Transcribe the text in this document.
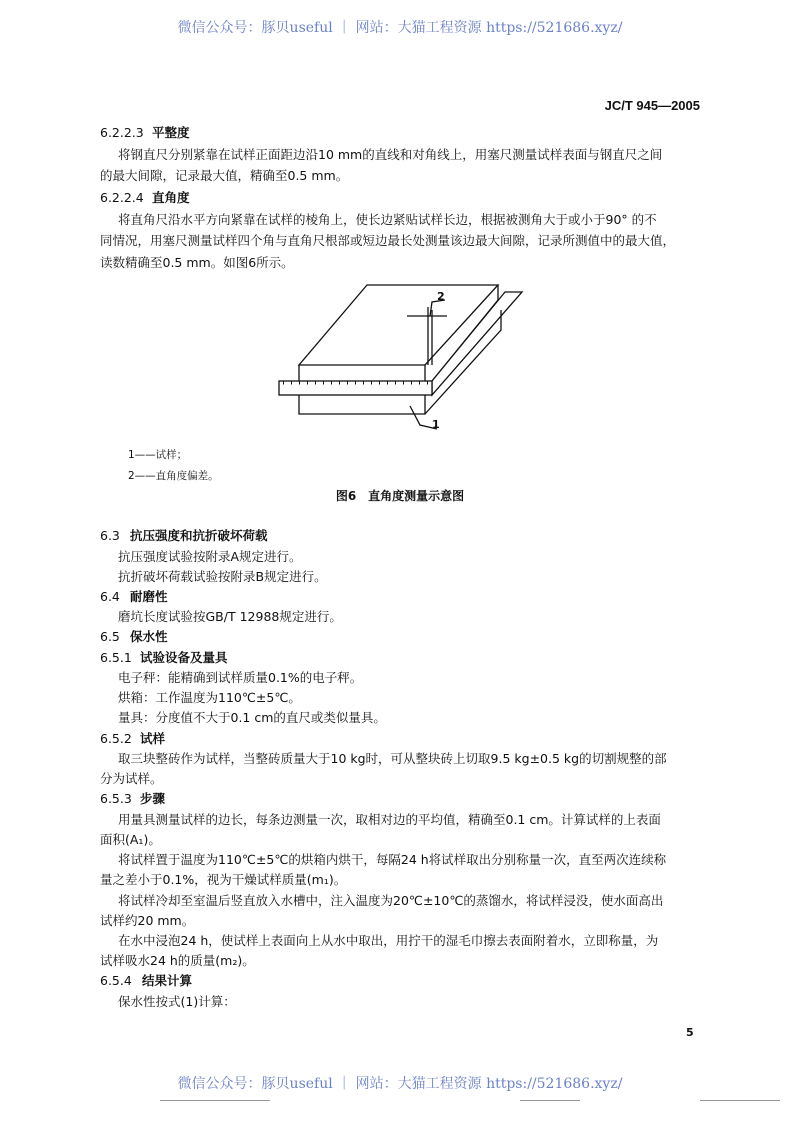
微信公众号：豚贝useful ｜ 网站：大猫工程资源 https://521686.xyz/
JC/T 945—2005
6.2.2.3 平整度
将钢直尺分别紧靠在试样正面距边沿10 mm的直线和对角线上，用塞尺测量试样表面与钢直尺之间
的最大间隙，记录最大值，精确至0.5 mm。
6.2.2.4 直角度
将直角尺沿水平方向紧靠在试样的棱角上，使长边紧贴试样长边，根据被测角大于或小于90° 的不
同情况，用塞尺测量试样四个角与直角尺根部或短边最长处测量该边最大间隙，记录所测值中的最大值，
读数精确至0.5 mm。如图6所示。
2
1
1——试样；
2——直角度偏差。
图6　直角度测量示意图
6.3 抗压强度和抗折破坏荷载
抗压强度试验按附录A规定进行。
抗折破坏荷载试验按附录B规定进行。
6.4 耐磨性
磨坑长度试验按GB/T 12988规定进行。
6.5 保水性
6.5.1 试验设备及量具
电子秤：能精确到试样质量0.1%的电子秤。
烘箱：工作温度为110℃±5℃。
量具：分度值不大于0.1 cm的直尺或类似量具。
6.5.2 试样
取三块整砖作为试样，当整砖质量大于10 kg时，可从整块砖上切取9.5 kg±0.5 kg的切割规整的部
分为试样。
6.5.3 步骤
用量具测量试样的边长，每条边测量一次，取相对边的平均值，精确至0.1 cm。计算试样的上表面
面积(A₁)。
将试样置于温度为110℃±5℃的烘箱内烘干，每隔24 h将试样取出分别称量一次，直至两次连续称
量之差小于0.1%，视为干燥试样质量(m₁)。
将试样冷却至室温后竖直放入水槽中，注入温度为20℃±10℃的蒸馏水，将试样浸没，使水面高出
试样约20 mm。
在水中浸泡24 h，使试样上表面向上从水中取出，用拧干的湿毛巾擦去表面附着水，立即称量，为
试样吸水24 h的质量(m₂)。
6.5.4 结果计算
保水性按式(1)计算：
5
微信公众号：豚贝useful ｜ 网站：大猫工程资源 https://521686.xyz/
